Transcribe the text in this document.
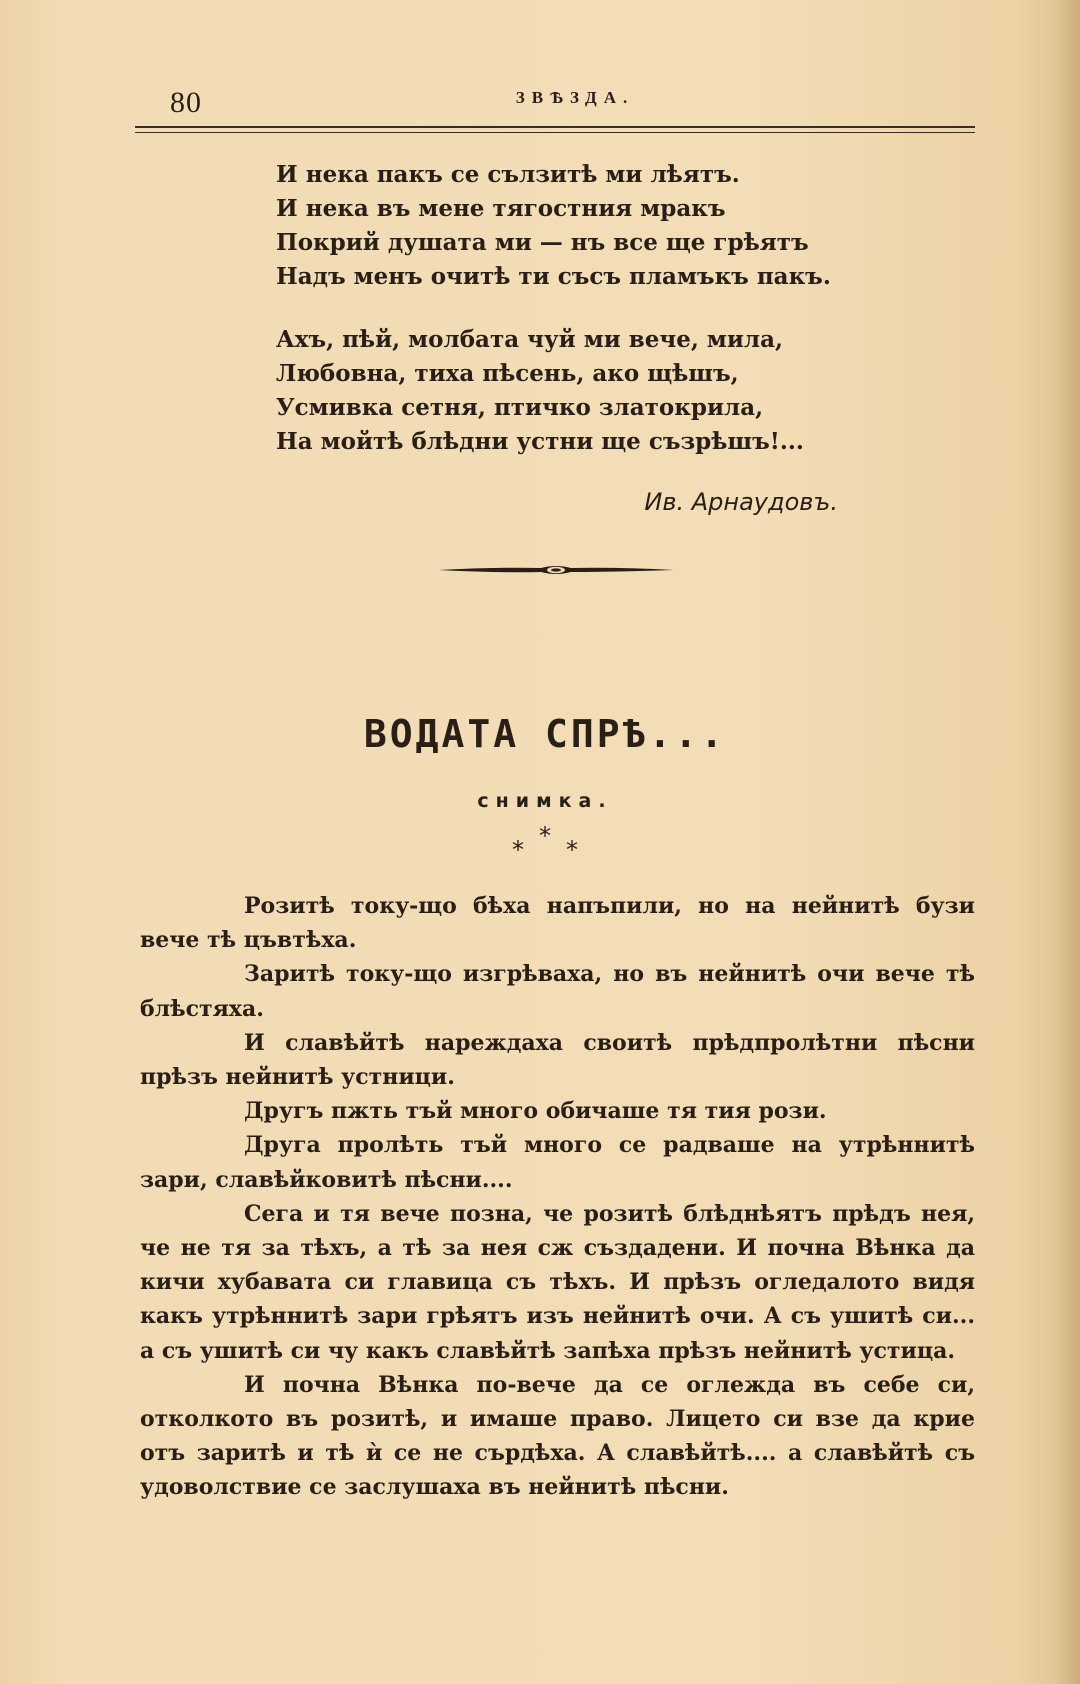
80	ЗВѢЗДА.
И нека пакъ се сълзитѣ ми лѣятъ.
И нека въ мене тягостния мракъ
Покрий душата ми — нъ все ще грѣятъ
Надъ менъ очитѣ ти съсъ пламъкъ пакъ.
Ахъ, пѣй, молбата чуй ми вече, мила,
Любовна, тиха пѣсень, ако щѣшъ,
Усмивка сетня, птичко златокрила,
На мойтѣ блѣдни устни ще съзрѣшъ!...
Ив. Арнаудовъ.
ВОДАТА СПРѢ...
снимка.
*
* *

Розитѣ току-що бѣха напъпили, но на нейнитѣ бузи вече тѣ цъвтѣха.

Заритѣ току-що изгрѣваха, но въ нейнитѣ очи вече тѣ блѣстяха.

И славѣйтѣ нареждаха своитѣ прѣдпролѣтни пѣсни прѣзъ нейнитѣ устници.

Другъ пжть тъй много обичаше тя тия рози.

Друга пролѣть тъй много се радваше на утрѣннитѣ зари, славѣйковитѣ пѣсни....

Сега и тя вече позна, че розитѣ блѣднѣятъ прѣдъ нея, че не тя за тѣхъ, а тѣ за нея сж създадени. И почна Вѣнка да кичи хубавата си главица съ тѣхъ. И прѣзъ огледалото видя какъ утрѣннитѣ зари грѣятъ изъ нейнитѣ очи. А съ ушитѣ си... а съ ушитѣ си чу какъ славѣйтѣ запѣха прѣзъ нейнитѣ устица.

И почна Вѣнка по-вече да се оглежда въ себе си, отколкото въ розитѣ, и имаше право. Лицето си взе да крие отъ заритѣ и тѣ ѝ се не сърдѣха. А славѣйтѣ.... а славѣйтѣ съ удоволствие се заслушаха въ нейнитѣ пѣсни.
